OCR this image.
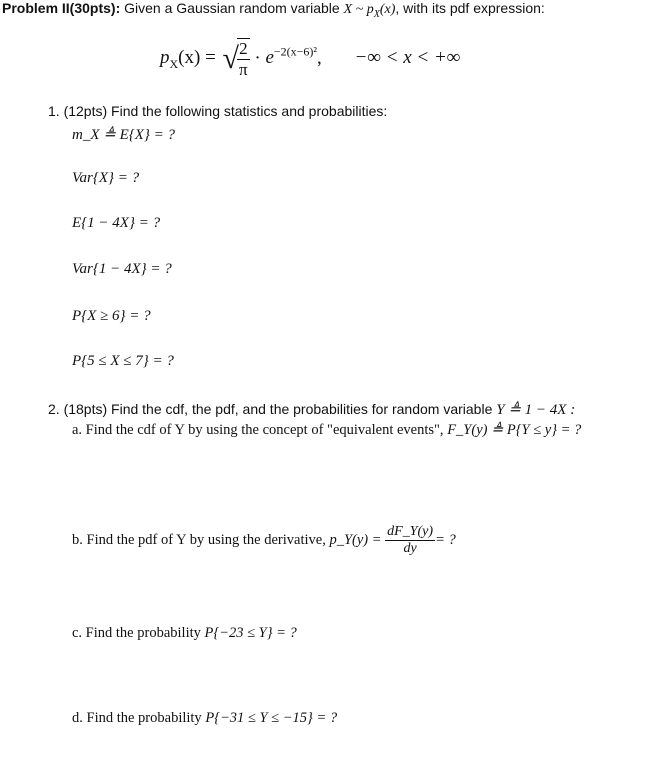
Problem II(30pts): Given a Gaussian random variable X ~ $p_X(x)$, with its pdf expression:
$p_X(x)$ = √
$\frac{2}{\pi} \cdot e^{-2(x-6)^2}$, −∞ < x < +∞
1. (12pts) Find the following statistics and probabilities:
m_X ≜ E{X} = ?
Var{X} = ?
E{1 − 4X} = ?
Var{1 − 4X} = ?
P{X ≥ 6} = ?
P{5 ≤ X ≤ 7} = ?
2. (18pts) Find the cdf, the pdf, and the probabilities for random variable Y ≜ 1 − 4X :
a. Find the cdf of Y by using the concept of "equivalent events", F_Y(y) ≜ P{Y ≤ y} = ?
b. Find the pdf of Y by using the derivative, p_Y(y) = $\frac{dF\_Y(y)}{dy}$ = ?
c. Find the probability P{−23 ≤ Y} = ?
d. Find the probability P{−31 ≤ Y ≤ −15} = ?
